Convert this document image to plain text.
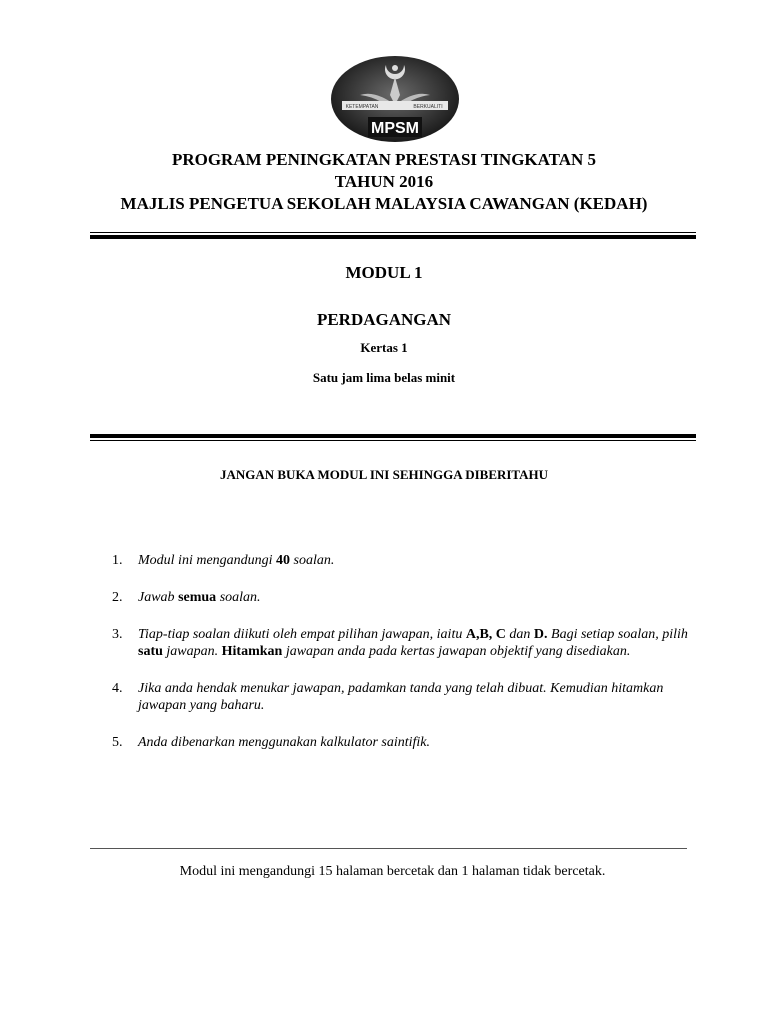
KETEMPATAN	BERKUALITI
MPSM
PROGRAM PENINGKATAN PRESTASI TINGKATAN 5
TAHUN 2016
MAJLIS PENGETUA SEKOLAH MALAYSIA CAWANGAN (KEDAH)
MODUL 1
PERDAGANGAN
Kertas 1
Satu jam lima belas minit
JANGAN BUKA MODUL INI SEHINGGA DIBERITAHU
1. Modul ini mengandungi 40 soalan.
2. Jawab semua soalan.
3. Tiap-tiap soalan diikuti oleh empat pilihan jawapan, iaitu A,B, C dan D. Bagi setiap soalan, pilih satu jawapan. Hitamkan jawapan anda pada kertas jawapan objektif yang disediakan.
4. Jika anda hendak menukar jawapan, padamkan tanda yang telah dibuat. Kemudian hitamkan jawapan yang baharu.
5. Anda dibenarkan menggunakan kalkulator saintifik.
Modul ini mengandungi 15 halaman bercetak dan 1 halaman tidak bercetak.
